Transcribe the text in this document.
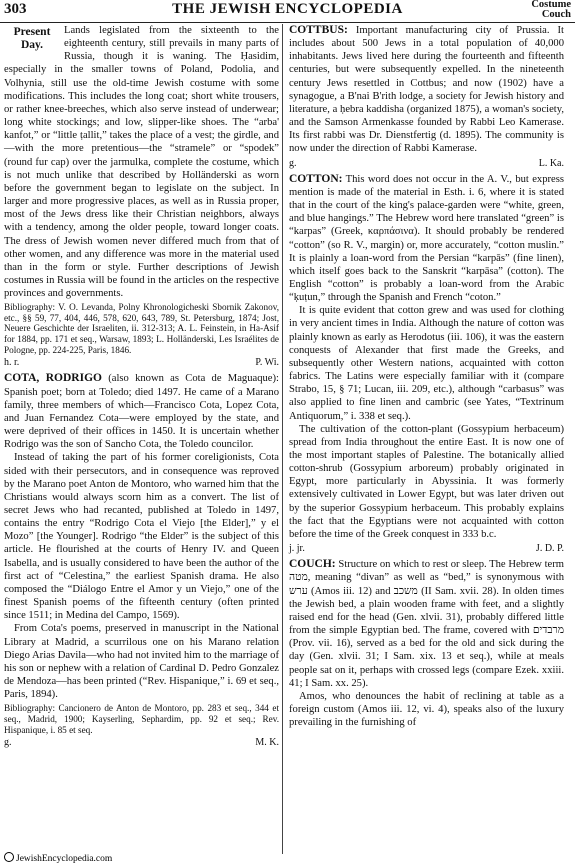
303	THE JEWISH ENCYCLOPEDIA	Costume
Couch

Present
Day.
Lands legislated from the sixteenth to the eighteenth century, still prevails in many parts of Russia, though it is waning. The Ḥasidim, especially in the smaller towns of Poland, Podolia, and Volhynia, still use the old-time Jewish costume with some modifications. This includes the long coat; short white trousers, or rather knee-breeches, which also serve instead of underwear; long white stockings; and low, slipper-like shoes. The “arba' kanfot,” or “little ṭallit,” takes the place of a vest; the girdle, and—with the more pretentious—the “stramele” or “spodek” (round fur cap) over the jarmulka, complete the costume, which is not much unlike that described by Holländerski as worn before the government began to legislate on the subject. In larger and more progressive places, as well as in Russia proper, most of the Jews dress like their Christian neighbors, always with a tendency, among the older people, toward longer coats. The dress of Jewish women never differed much from that of other women, and any difference was more in the material used than in the form or style. Further descriptions of Jewish costumes in Russia will be found in the articles on the respective provinces and governments.

Bibliography: V. O. Levanda, Polny Khronologicheski Sbornik Zakonov, etc., §§ 59, 77, 404, 446, 578, 620, 643, 789, St. Petersburg, 1874; Jost, Neuere Geschichte der Israeliten, ii. 312-313; A. L. Feinstein, in Ha-Asif for 1884, pp. 171 et seq., Warsaw, 1893; L. Holländerski, Les Israélites de Pologne, pp. 224-225, Paris, 1846.

h. r.	P. Wi.

COTA, RODRIGO (also known as Cota de Maguaque): Spanish poet; born at Toledo; died 1497. He came of a Marano family, three members of which—Francisco Cota, Lopez Cota, and Juan Fernandez Cota—were employed by the state, and were deprived of their offices in 1450. It is uncertain whether Rodrigo was the son of Sancho Cota, the Toledo councilor.

Instead of taking the part of his former coreligionists, Cota sided with their persecutors, and in consequence was reproved by the Marano poet Anton de Montoro, who warned him that the Christians would always scorn him as a convert. The list of secret Jews who had recanted, published at Toledo in 1497, contains the entry “Rodrigo Cota el Viejo [the Elder],” y el Mozo” [the Younger]. Rodrigo “the Elder” is the subject of this article. He flourished at the courts of Henry IV. and Queen Isabella, and is usually considered to have been the author of the first act of “Celestina,” the earliest Spanish drama. He also composed the “Diálogo Entre el Amor y un Viejo,” one of the finest Spanish poems of the fifteenth century (often printed since 1511; in Medina del Campo, 1569).

From Cota's poems, preserved in manuscript in the National Library at Madrid, a scurrilous one on his Marano relation Diego Arias Davila—who had not invited him to the marriage of his son or nephew with a relation of Cardinal D. Pedro Gonzalez de Mendoza—has been printed (“Rev. Hispanique,” i. 69 et seq., Paris, 1894).

Bibliography: Cancionero de Anton de Montoro, pp. 283 et seq., 344 et seq., Madrid, 1900; Kayserling, Sephardim, pp. 92 et seq.; Rev. Hispanique, i. 85 et seq.

g.	M. K.

COTTBUS: Important manufacturing city of Prussia. It includes about 500 Jews in a total population of 40,000 inhabitants. Jews lived here during the fourteenth and fifteenth centuries, but were subsequently expelled. In the nineteenth century Jews resettled in Cottbus; and now (1902) have a synagogue, a B'nai B'rith lodge, a society for Jewish history and literature, a ḥebra kaddisha (organized 1875), a woman's society, and the Samson Armenkasse founded by Rabbi Leo Kamerase. Its first rabbi was Dr. Dienstfertig (d. 1895). The community is now under the direction of Rabbi Kamerase.

g.	L. Ka.

COTTON: This word does not occur in the A. V., but express mention is made of the material in Esth. i. 6, where it is stated that in the court of the king's palace-garden were “white, green, and blue hangings.” The Hebrew word here translated “green” is “karpas” (Greek, καρπάσινα). It should probably be rendered “cotton” (so R. V., margin) or, more accurately, “cotton muslin.” It is plainly a loan-word from the Persian “karpās” (fine linen), which itself goes back to the Sanskrit “karpāsa” (cotton). The English “cotton” is probably a loan-word from the Arabic “ḳuṭun,” through the Spanish and French “coton.”

It is quite evident that cotton grew and was used for clothing in very ancient times in India. Although the nature of cotton was plainly known as early as Herodotus (iii. 106), it was the eastern conquests of Alexander that first made the Greeks, and subsequently other Western nations, acquainted with cotton fabrics. The Latins were especially familiar with it (compare Strabo, 15, § 71; Lucan, iii. 209, etc.), although “carbasus” was also applied to fine linen and cambric (see Yates, “Textrinum Antiquorum,” i. 338 et seq.).

The cultivation of the cotton-plant (Gossypium herbaceum) spread from India throughout the entire East. It is now one of the most important staples of Palestine. The botanically allied cotton-shrub (Gossypium arboreum) probably originated in Egypt, more particularly in Abyssinia. It was formerly extensively cultivated in Lower Egypt, but was later driven out by the superior Gossypium herbaceum. This probably explains the fact that the Egyptians were not acquainted with cotton before the time of the Greek conquest in 333 b.c.

j. jr.	J. D. P.

COUCH: Structure on which to rest or sleep. The Hebrew term מטה, meaning “divan” as well as “bed,” is synonymous with ערש (Amos iii. 12) and משכב (II Sam. xvii. 28). In olden times the Jewish bed, a plain wooden frame with feet, and a slightly raised end for the head (Gen. xlvii. 31), probably differed little from the simple Egyptian bed. The frame, covered with מרבדים (Prov. vii. 16), served as a bed for the old and sick during the day (Gen. xlvii. 31; I Sam. xix. 13 et seq.), while at meals people sat on it, perhaps with crossed legs (compare Ezek. xxiii. 41; I Sam. xx. 25).

Amos, who denounces the habit of reclining at table as a foreign custom (Amos iii. 12, vi. 4), speaks also of the luxury prevailing in the furnishing of

JewishEncyclopedia.com
